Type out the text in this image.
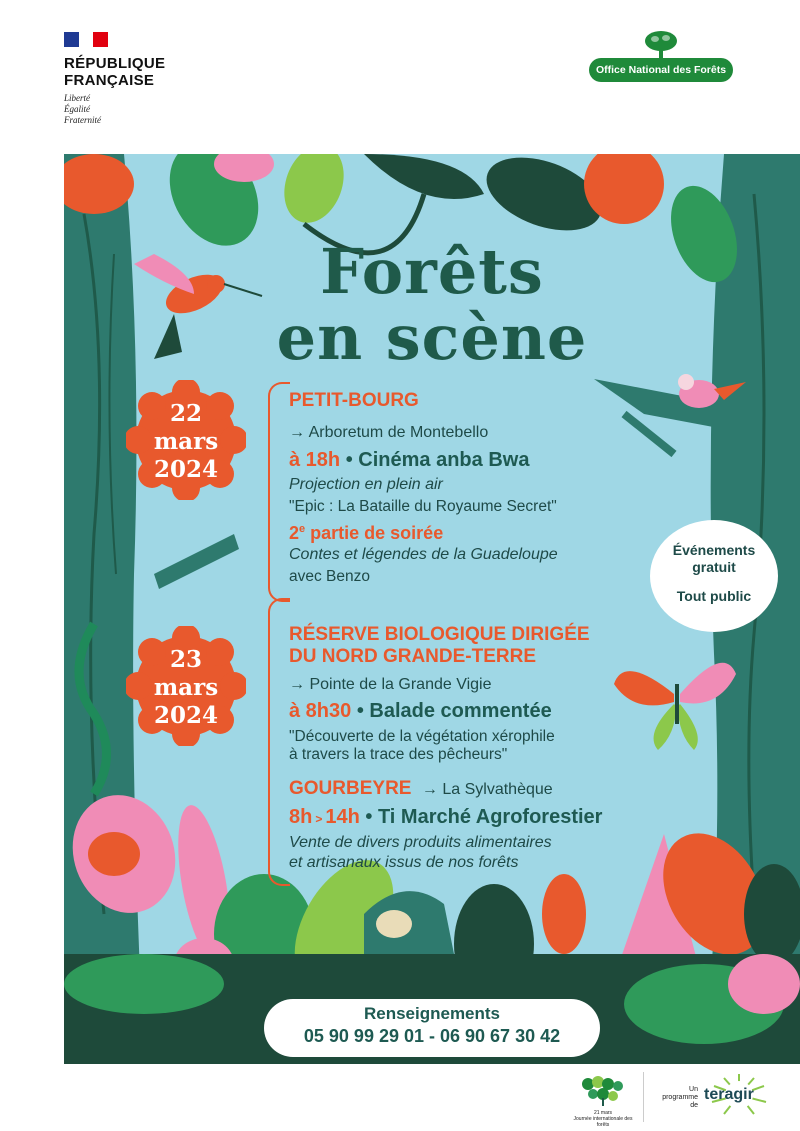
RÉPUBLIQUE
FRANÇAISE
Liberté
Égalité
Fraternité
Office National des Forêts
Forêts
en scène
22
mars
2024
23
mars
2024
PETIT-BOURG
→ Arboretum de Montebello
à 18h • Cinéma anba Bwa
Projection en plein air
"Epic : La Bataille du Royaume Secret"
2e partie de soirée
Contes et légendes de la Guadeloupe
avec Benzo
RÉSERVE BIOLOGIQUE DIRIGÉE
DU NORD GRANDE-TERRE
→ Pointe de la Grande Vigie
à 8h30 • Balade commentée
"Découverte de la végétation xérophile
à travers la trace des pêcheurs"
GOURBEYRE → La Sylvathèque
8h > 14h • Ti Marché Agroforestier
Vente de divers produits alimentaires
et artisanaux issus de nos forêts
Événements
gratuit
Tout public
Renseignements
05 90 99 29 01 - 06 90 67 30 42
21 mars
Journée internationale des forêts
Un
programme
de
teragir
